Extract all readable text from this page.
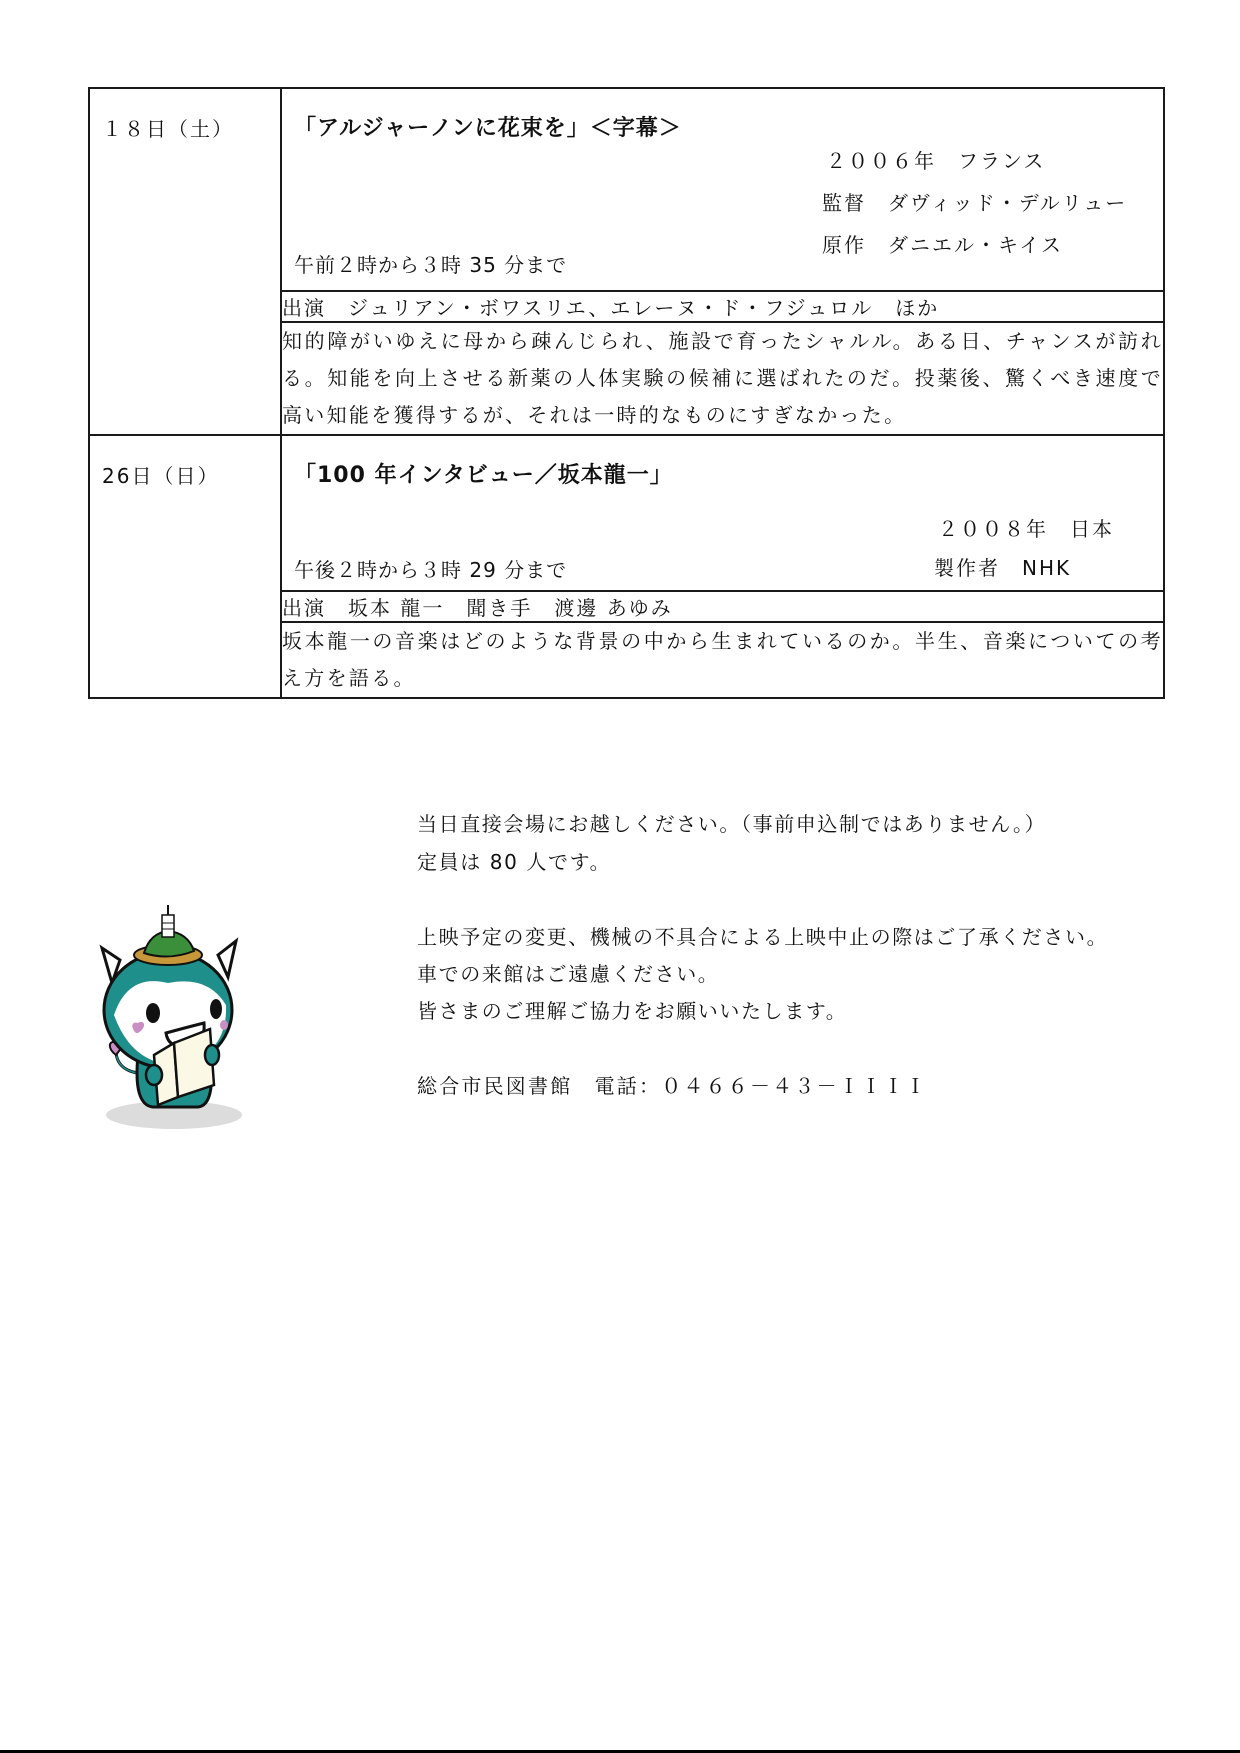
１８日（土）	「アルジャーノンに花束を」＜字幕＞
２００６年　フランス
監督　ダヴィッド・デルリュー
原作　ダニエル・キイス
午前２時から３時 35 分まで

	出演　ジュリアン・ボワスリエ、エレーヌ・ド・フジュロル　ほか
	知的障がいゆえに母から疎んじられ、施設で育ったシャルル。ある日、チャンスが訪れる。知能を向上させる新薬の人体実験の候補に選ばれたのだ。投薬後、驚くべき速度で高い知能を獲得するが、それは一時的なものにすぎなかった。
26日（日）	「100 年インタビュー／坂本龍一」
２００８年　日本
製作者　NHK
午後２時から３時 29 分まで

	出演　坂本 龍一　聞き手　渡邊 あゆみ
	坂本龍一の音楽はどのような背景の中から生まれているのか。半生、音楽についての考え方を語る。
当日直接会場にお越しください。（事前申込制ではありません。）
定員は 80 人です。
上映予定の変更、機械の不具合による上映中止の際はご了承ください。
車での来館はご遠慮ください。
皆さまのご理解ご協力をお願いいたします。
総合市民図書館　電話：０４６６－４３－ＩＩＩＩ
